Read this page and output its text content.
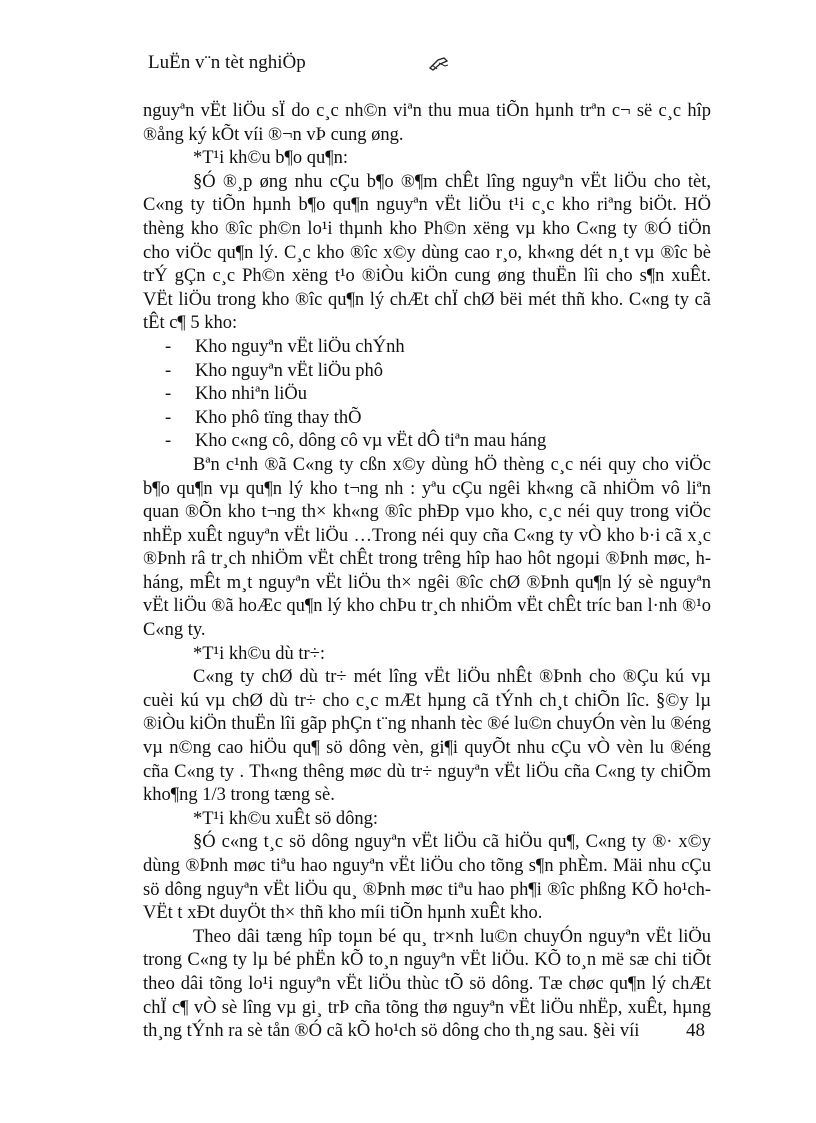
LuËn v¨n tèt nghiÖp

nguyªn vËt liÖu sÏ do c¸c nh©n viªn thu mua tiÕn hµnh trªn c¬ së c¸c hîp ®ång ký kÕt víi ®¬n vÞ cung øng.

*T¹i kh©u b¶o qu¶n:

§Ó ®¸p øng nhu cÇu b¶o ®¶m chÊt lîng nguyªn vËt liÖu cho tèt, C«ng ty tiÕn hµnh b¶o qu¶n nguyªn vËt liÖu t¹i c¸c kho riªng biÖt. HÖ thèng kho ®îc ph©n lo¹i thµnh kho Ph©n xëng vµ kho C«ng ty ®Ó tiÖn cho viÖc qu¶n lý. C¸c kho ®îc x©y dùng cao r¸o, kh«ng dét n¸t vµ ®îc bè trÝ gÇn c¸c Ph©n xëng t¹o ®iÒu kiÖn cung øng thuËn lîi cho s¶n xuÊt. VËt liÖu trong kho ®îc qu¶n lý chÆt chÏ chØ bëi mét thñ kho. C«ng ty cã tÊt c¶ 5 kho:

- Kho nguyªn vËt liÖu chÝnh
- Kho nguyªn vËt liÖu phô
- Kho nhiªn liÖu
- Kho phô tïng thay thÕ
- Kho c«ng cô, dông cô vµ vËt dÔ tiªn mau háng

Bªn c¹nh ®ã C«ng ty cßn x©y dùng hÖ thèng c¸c néi quy cho viÖc b¶o qu¶n vµ qu¶n lý kho t¬ng nh : yªu cÇu ngêi kh«ng cã nhiÖm vô liªn quan ®Õn kho t¬ng th× kh«ng ®îc phÐp vµo kho, c¸c néi quy trong viÖc nhËp xuÊt nguyªn vËt liÖu …Trong néi quy cña C«ng ty vÒ kho b·i cã x¸c ®Þnh râ tr¸ch nhiÖm vËt chÊt trong trêng hîp hao hôt ngoµi ®Þnh møc, h háng, mÊt m¸t nguyªn vËt liÖu th× ngêi ®îc chØ ®Þnh qu¶n lý sè nguyªn vËt liÖu ®ã hoÆc qu¶n lý kho chÞu tr¸ch nhiÖm vËt chÊt tríc ban l·nh ®¹o C«ng ty.

*T¹i kh©u dù tr÷:

C«ng ty chØ dù tr÷ mét lîng vËt liÖu nhÊt ®Þnh cho ®Çu kú vµ cuèi kú vµ chØ dù tr÷ cho c¸c mÆt hµng cã tÝnh ch¸t chiÕn lîc. §©y lµ ®iÒu kiÖn thuËn lîi gãp phÇn t¨ng nhanh tèc ®é lu©n chuyÓn vèn lu ®éng vµ n©ng cao hiÖu qu¶ sö dông vèn, gi¶i quyÕt nhu cÇu vÒ vèn lu ®éng cña C«ng ty . Th«ng thêng møc dù tr÷ nguyªn vËt liÖu cña C«ng ty chiÕm kho¶ng 1/3 trong tæng sè.

*T¹i kh©u xuÊt sö dông:

§Ó c«ng t¸c sö dông nguyªn vËt liÖu cã hiÖu qu¶, C«ng ty ®· x©y dùng ®Þnh møc tiªu hao nguyªn vËt liÖu cho tõng s¶n phÈm. Mäi nhu cÇu sö dông nguyªn vËt liÖu qu¸ ®Þnh møc tiªu hao ph¶i ®îc phßng KÕ ho¹ch-VËt t xÐt duyÖt th× thñ kho míi tiÕn hµnh xuÊt kho.

Theo dâi tæng hîp toµn bé qu¸ tr×nh lu©n chuyÓn nguyªn vËt liÖu trong C«ng ty lµ bé phËn kÕ to¸n nguyªn vËt liÖu. KÕ to¸n më sæ chi tiÕt theo dâi tõng lo¹i nguyªn vËt liÖu thùc tÕ sö dông. Tæ chøc qu¶n lý chÆt chÏ c¶ vÒ sè lîng vµ gi¸ trÞ cña tõng thø nguyªn vËt liÖu nhËp, xuÊt, hµng th¸ng tÝnh ra sè tån ®Ó cã kÕ ho¹ch sö dông cho th¸ng sau. §èi víi	48
